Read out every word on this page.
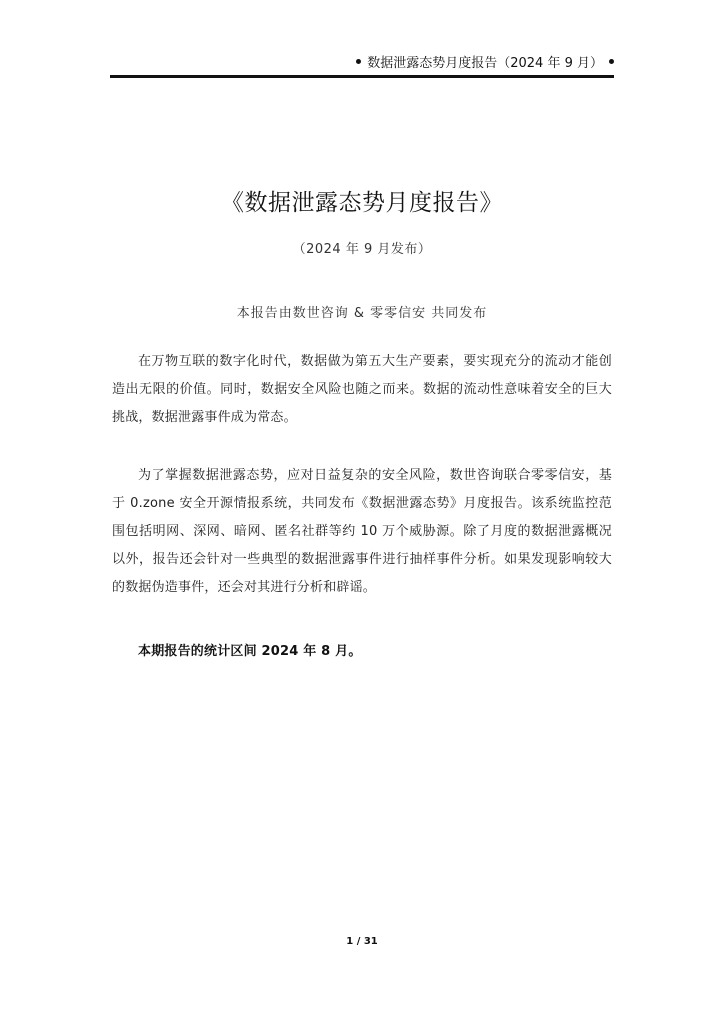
数据泄露态势月度报告（2024 年 9 月）
《数据泄露态势月度报告》
（2024 年 9 月发布）
本报告由数世咨询 & 零零信安 共同发布

在万物互联的数字化时代，数据做为第五大生产要素，要实现充分的流动才能创造出无限的价值。同时，数据安全风险也随之而来。数据的流动性意味着安全的巨大挑战，数据泄露事件成为常态。

为了掌握数据泄露态势，应对日益复杂的安全风险，数世咨询联合零零信安，基于 0.zone 安全开源情报系统，共同发布《数据泄露态势》月度报告。该系统监控范围包括明网、深网、暗网、匿名社群等约 10 万个威胁源。除了月度的数据泄露概况以外，报告还会针对一些典型的数据泄露事件进行抽样事件分析。如果发现影响较大的数据伪造事件，还会对其进行分析和辟谣。

本期报告的统计区间 2024 年 8 月。

1 / 31
